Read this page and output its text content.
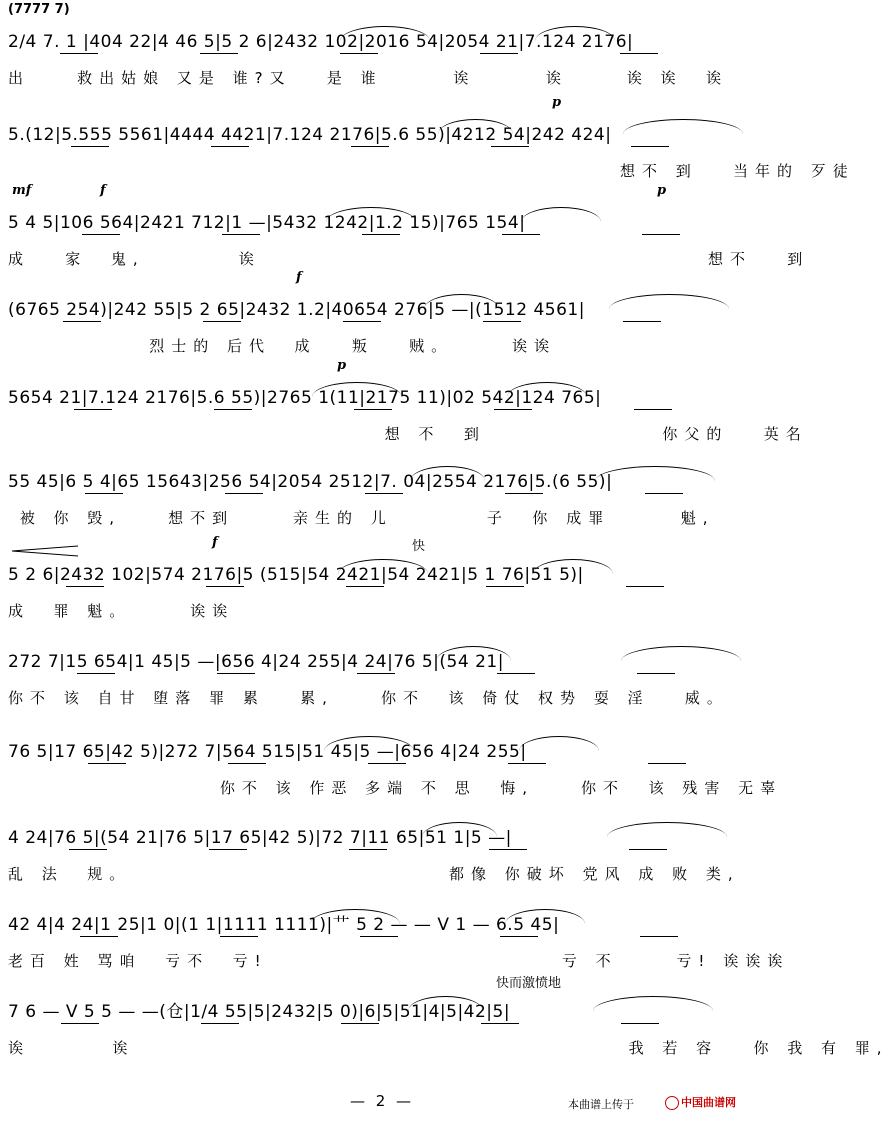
(7777 7)
2/4 7. 1 |404 22|4 46 5|5 2 6|2432 102|2016 54|2054 21|7.124 2176|
出    救出姑娘 又是 谁?又   是 谁      诶      诶     诶 诶  诶
5.(12|5.555 5561|4444 4421|7.124 2176|5.6 55)|4212 54|242 424|
想不 到   当年的 歹徒
p
5 4 5|106 564|2421 712|1 —|5432 1242|1.2 15)|765 154|
成   家  鬼,        诶                                      想不   到
mf	f	p
(6765 254)|242 55|5 2 65|2432 1.2|40654 276|5 —|(1512 4561|
烈士的 后代  成   叛   贼。     诶诶
f
5654 21|7.124 2176|5.6 55)|2765 1(11|2175 11)|02 542|124 765|
想 不  到               你父的   英名
p
55 45|6 5 4|65 15643|256 54|2054 2512|7. 04|2554 2176|5.(6 55)|
被 你 毁,    想不到     亲生的 儿        子  你 成罪      魁,
5 2 6|2432 102|574 2176|5 (515|54 2421|54 2421|5 1 76|51 5)|
成  罪 魁。     诶诶
f	快
272 7|15 654|1 45|5 —|656 4|24 255|4 24|76 5|(54 21|
你不 该 自甘 堕落 罪 累   累,    你不  该 倚仗 权势 耍 淫   威。
76 5|17 65|42 5)|272 7|564 515|51 45|5 —|656 4|24 255|
你不 该 作恶 多端 不 思  悔,    你不  该 残害 无辜
4 24|76 5|(54 21|76 5|17 65|42 5)|72 7|11 65|51 1|5 —|
乱 法  规。                           都像 你破坏 党风 成 败 类,
42 4|4 24|1 25|1 0|(1 1|1111 1111)|艹 5 2 — — V 1 — 6.5 45|
老百 姓 骂咱  亏不  亏!                         亏 不     亏! 诶诶诶
7 6 — V 5 5 — —(仓|1/4 55|5|2432|5 0)|6|5|51|4|5|42|5|
诶       诶                                          我 若 容   你 我 有 罪,
快而激愤地
— 2 —	本曲谱上传于	中国曲谱网
